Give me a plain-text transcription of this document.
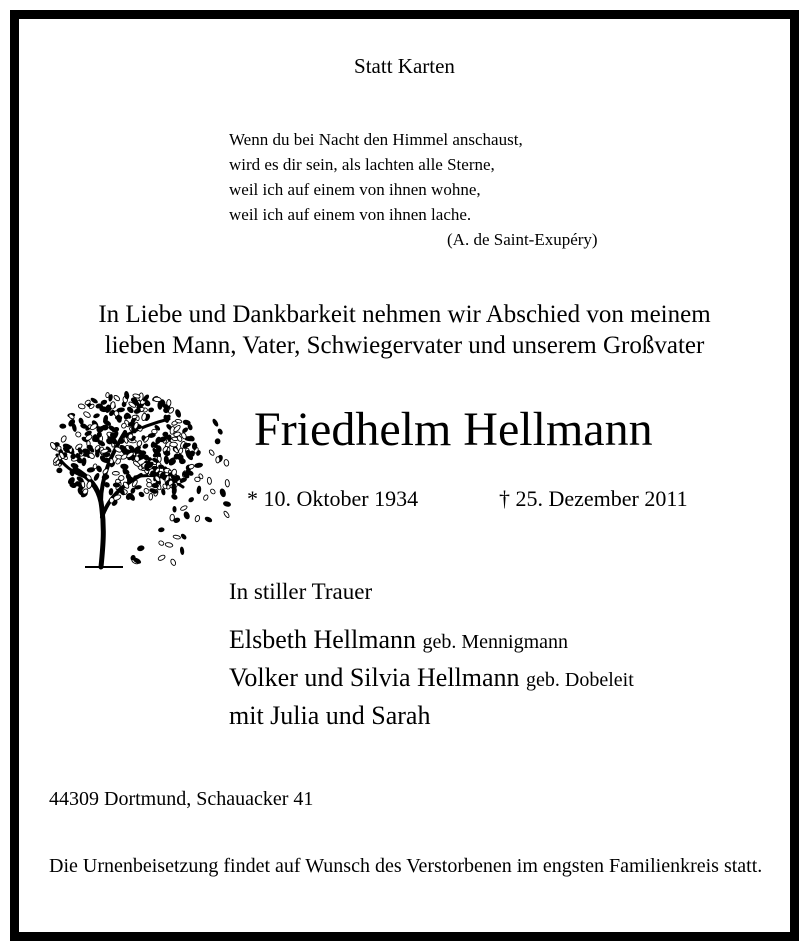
Statt Karten
Wenn du bei Nacht den Himmel anschaust,
wird es dir sein, als lachten alle Sterne,
weil ich auf einem von ihnen wohne,
weil ich auf einem von ihnen lache.
(A. de Saint-Exupéry)
In Liebe und Dankbarkeit nehmen wir Abschied von meinem
lieben Mann, Vater, Schwiegervater und unserem Großvater
Friedhelm Hellmann
* 10. Oktober 1934	† 25. Dezember 2011
In stiller Trauer
Elsbeth Hellmann geb. Mennigmann
Volker und Silvia Hellmann geb. Dobeleit
mit Julia und Sarah
44309 Dortmund, Schauacker 41
Die Urnenbeisetzung findet auf Wunsch des Verstorbenen im engsten Familienkreis statt.
